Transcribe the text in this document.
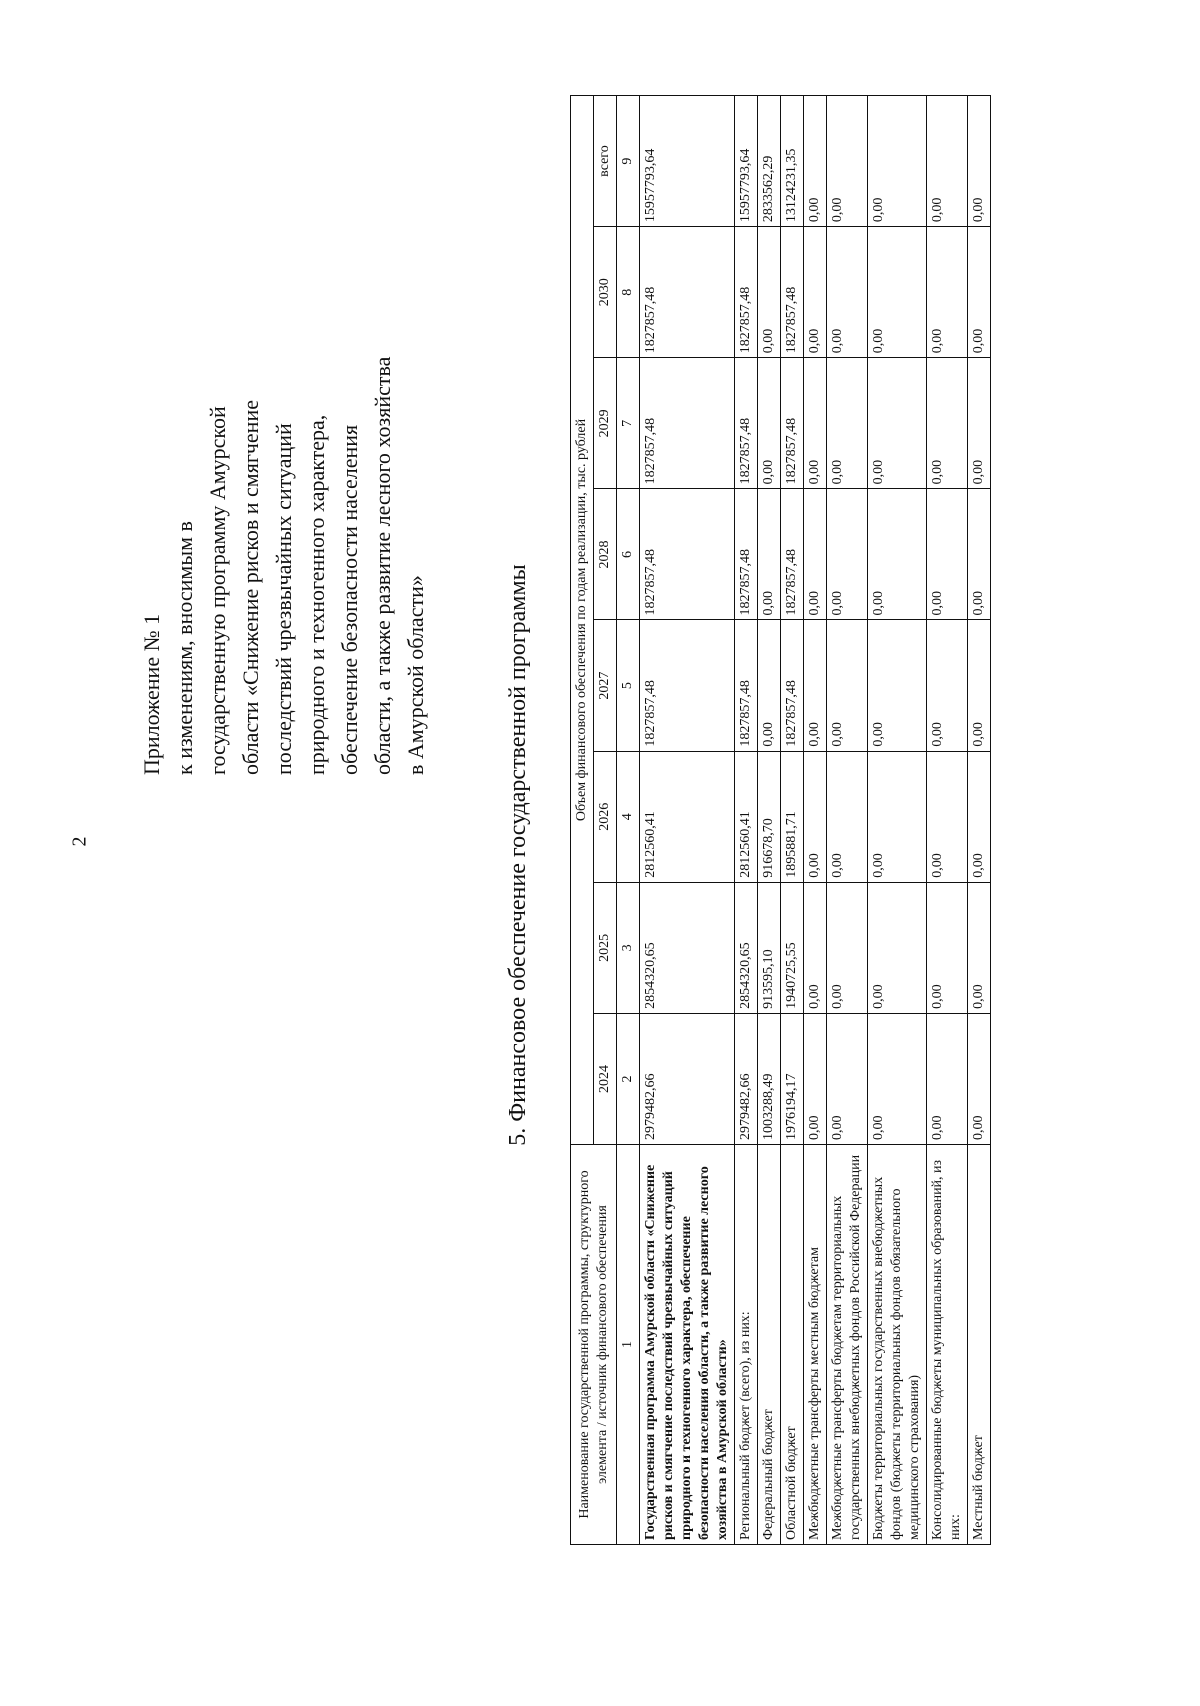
2
Приложение № 1 к изменениям, вносимым в государственную программу Амурской области «Снижение рисков и смягчение последствий чрезвычайных ситуаций природного и техногенного характера, обеспечение безопасности населения области, а также развитие лесного хозяйства в Амурской области»	5. Финансовое обеспечение государственной программы
Наименование государственной программы, структурного элемента / источник финансового обеспечения	Объем финансового обеспечения по годам реализации, тыс. рублей							
	2024	2025	2026	2027	2028	2029	2030	всего
1	2	3	4	5	6	7	8	9
Государственная программа Амурской области «Снижение рисков и смягчение последствий чрезвычайных ситуаций природного и техногенного характера, обеспечение безопасности населения области, а также развитие лесного хозяйства в Амурской области»	2979482,66	2854320,65	2812560,41	1827857,48	1827857,48	1827857,48	1827857,48	15957793,64
Региональный бюджет (всего), из них:	2979482,66	2854320,65	2812560,41	1827857,48	1827857,48	1827857,48	1827857,48	15957793,64
Федеральный бюджет	1003288,49	913595,10	916678,70	0,00	0,00	0,00	0,00	2833562,29
Областной бюджет	1976194,17	1940725,55	1895881,71	1827857,48	1827857,48	1827857,48	1827857,48	13124231,35
Межбюджетные трансферты местным бюджетам	0,00	0,00	0,00	0,00	0,00	0,00	0,00	0,00
Межбюджетные трансферты бюджетам территориальных государственных внебюджетных фондов Российской Федерации	0,00	0,00	0,00	0,00	0,00	0,00	0,00	0,00
Бюджеты территориальных государственных внебюджетных фондов (бюджеты территориальных фондов обязательного медицинского страхования)	0,00	0,00	0,00	0,00	0,00	0,00	0,00	0,00
Консолидированные бюджеты муниципальных образований, из них:	0,00	0,00	0,00	0,00	0,00	0,00	0,00	0,00
Местный бюджет	0,00	0,00	0,00	0,00	0,00	0,00	0,00	0,00
